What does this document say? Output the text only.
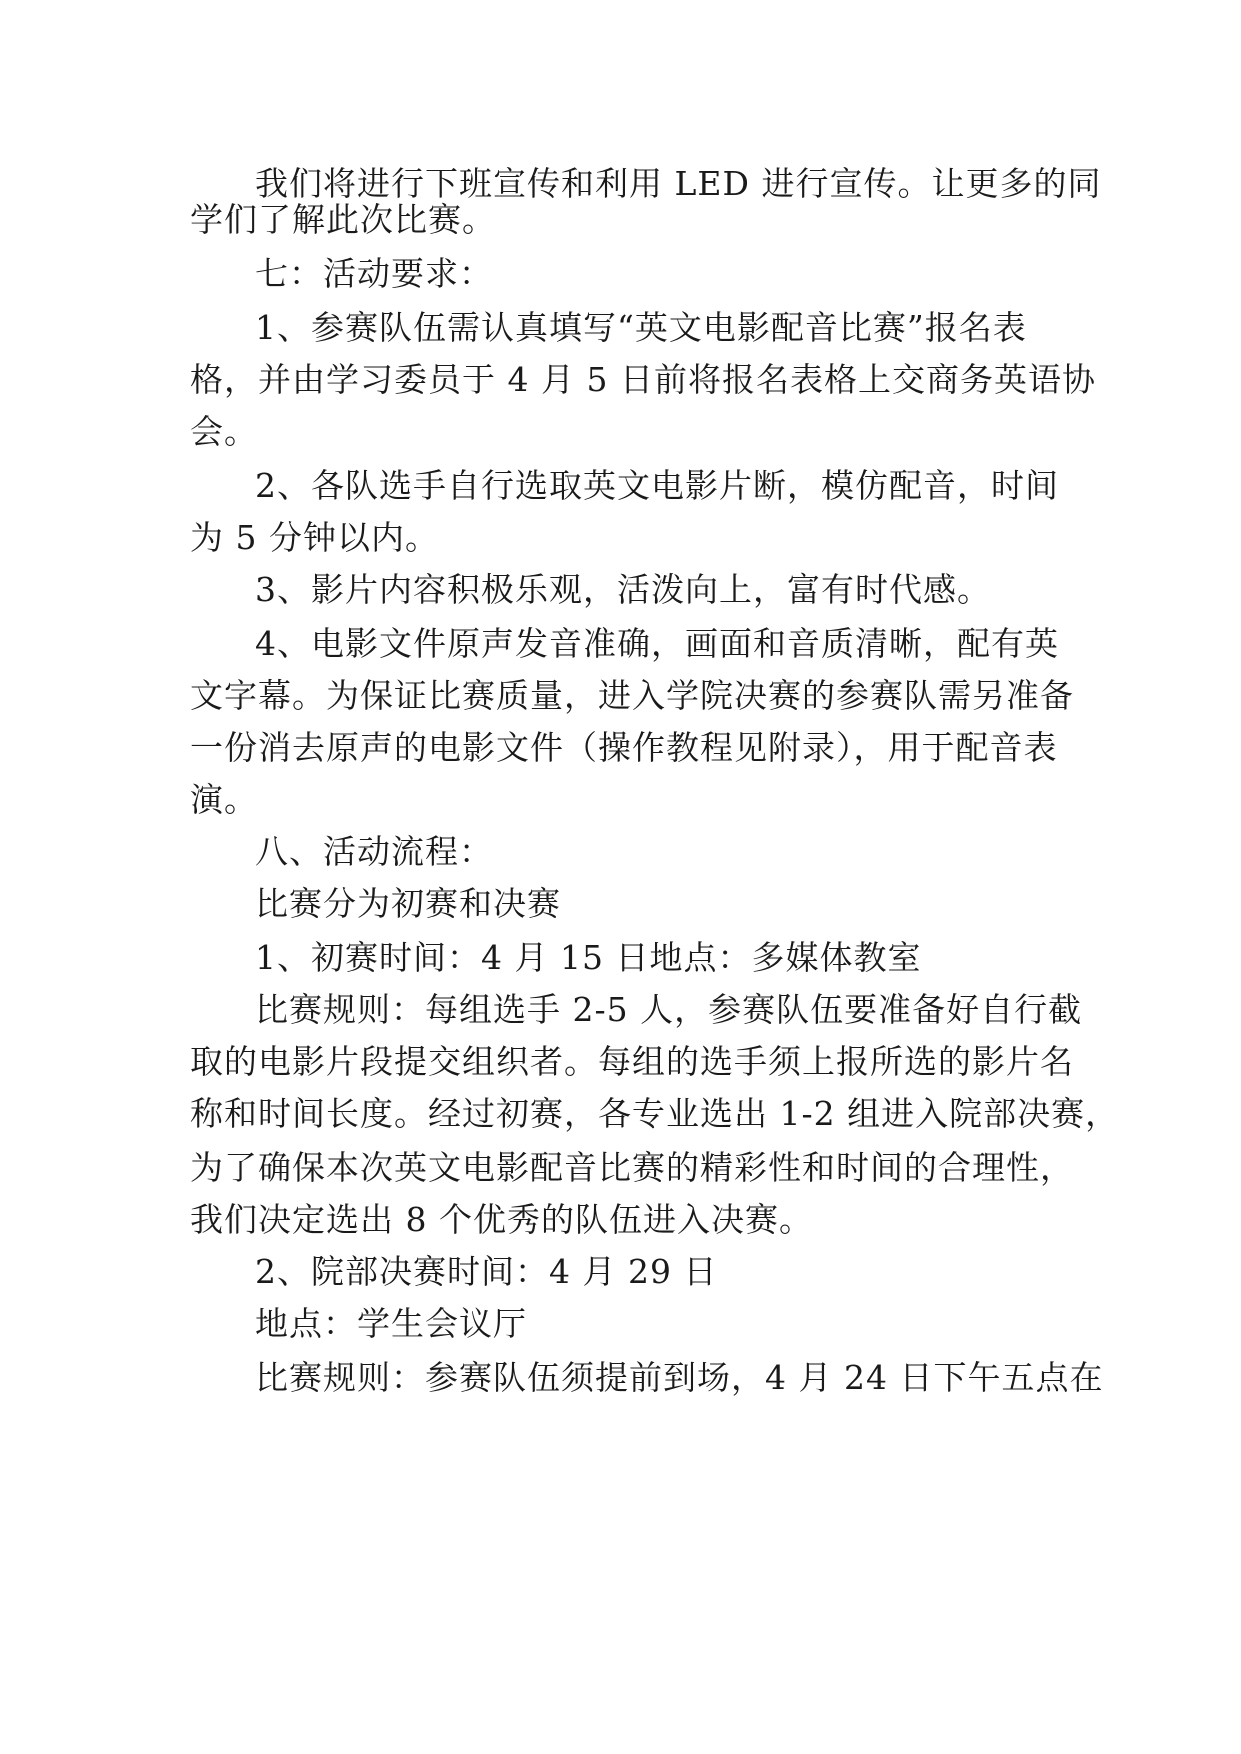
我们将进行下班宣传和利用 LED 进行宣传。让更多的同
学们了解此次比赛。
七：活动要求：
1、参赛队伍需认真填写“英文电影配音比赛”报名表
格，并由学习委员于 4 月 5 日前将报名表格上交商务英语协
会。
2、各队选手自行选取英文电影片断，模仿配音，时间
为 5 分钟以内。
3、影片内容积极乐观，活泼向上，富有时代感。
4、电影文件原声发音准确，画面和音质清晰，配有英
文字幕。为保证比赛质量，进入学院决赛的参赛队需另准备
一份消去原声的电影文件（操作教程见附录），用于配音表
演。
八、活动流程：
比赛分为初赛和决赛
1、初赛时间：4 月 15 日地点：多媒体教室
比赛规则：每组选手 2-5 人，参赛队伍要准备好自行截
取的电影片段提交组织者。每组的选手须上报所选的影片名
称和时间长度。经过初赛，各专业选出 1-2 组进入院部决赛，
为了确保本次英文电影配音比赛的精彩性和时间的合理性，
我们决定选出 8 个优秀的队伍进入决赛。
2、院部决赛时间：4 月 29 日
地点：学生会议厅
比赛规则：参赛队伍须提前到场，4 月 24 日下午五点在
